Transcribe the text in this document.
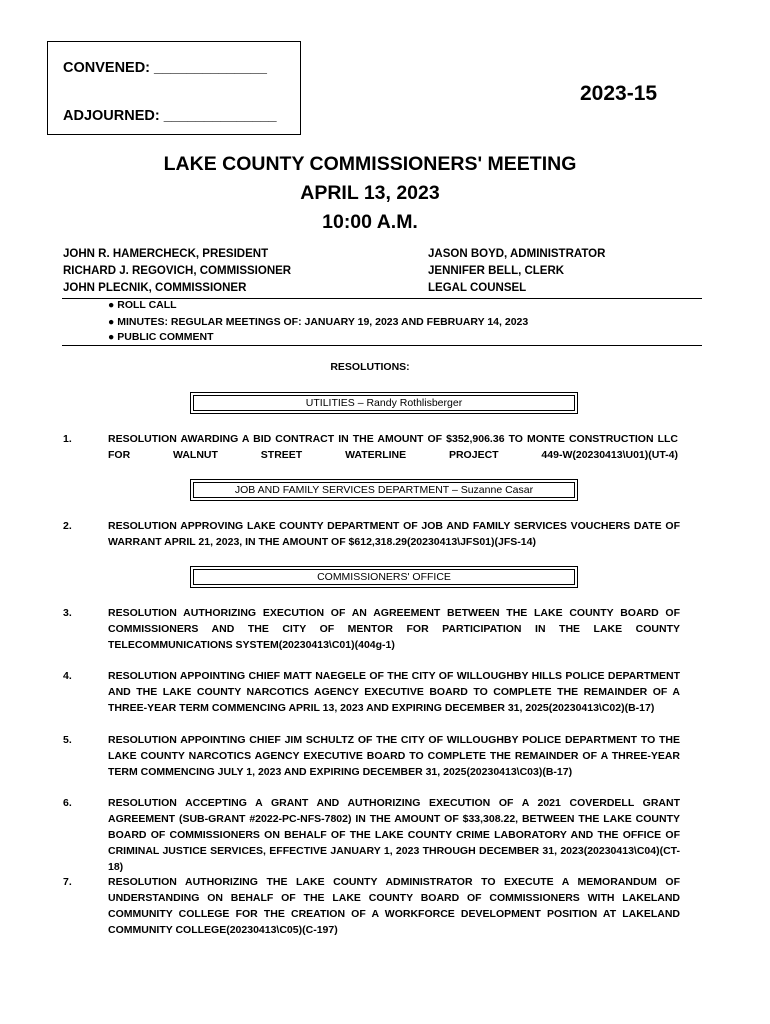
CONVENED: ______________
ADJOURNED: ______________
2023-15
LAKE COUNTY COMMISSIONERS' MEETING
APRIL 13, 2023
10:00 A.M.
JOHN R. HAMERCHECK, PRESIDENT
RICHARD J. REGOVICH, COMMISSIONER
JOHN PLECNIK, COMMISSIONER
JASON BOYD, ADMINISTRATOR
JENNIFER BELL, CLERK
LEGAL COUNSEL
● ROLL CALL
● MINUTES: REGULAR MEETINGS OF: JANUARY 19, 2023 AND FEBRUARY 14, 2023
● PUBLIC COMMENT
RESOLUTIONS:
UTILITIES – Randy Rothlisberger
1.	RESOLUTION AWARDING A BID CONTRACT IN THE AMOUNT OF $352,906.36 TO MONTE CONSTRUCTION LLC FOR WALNUT STREET WATERLINE PROJECT 449-W(20230413\U01)(UT-4)
JOB AND FAMILY SERVICES DEPARTMENT – Suzanne Casar
2.	RESOLUTION APPROVING LAKE COUNTY DEPARTMENT OF JOB AND FAMILY SERVICES VOUCHERS DATE OF WARRANT APRIL 21, 2023, IN THE AMOUNT OF $612,318.29(20230413\JFS01)(JFS-14)
COMMISSIONERS' OFFICE
3.	RESOLUTION AUTHORIZING EXECUTION OF AN AGREEMENT BETWEEN THE LAKE COUNTY BOARD OF COMMISSIONERS AND THE CITY OF MENTOR FOR PARTICIPATION IN THE LAKE COUNTY TELECOMMUNICATIONS SYSTEM(20230413\C01)(404g-1)
4.	RESOLUTION APPOINTING CHIEF MATT NAEGELE OF THE CITY OF WILLOUGHBY HILLS POLICE DEPARTMENT AND THE LAKE COUNTY NARCOTICS AGENCY EXECUTIVE BOARD TO COMPLETE THE REMAINDER OF A THREE-YEAR TERM COMMENCING APRIL 13, 2023 AND EXPIRING DECEMBER 31, 2025(20230413\C02)(B-17)
5.	RESOLUTION APPOINTING CHIEF JIM SCHULTZ OF THE CITY OF WILLOUGHBY POLICE DEPARTMENT TO THE LAKE COUNTY NARCOTICS AGENCY EXECUTIVE BOARD TO COMPLETE THE REMAINDER OF A THREE-YEAR TERM COMMENCING JULY 1, 2023 AND EXPIRING DECEMBER 31, 2025(20230413\C03)(B-17)
6.	RESOLUTION ACCEPTING A GRANT AND AUTHORIZING EXECUTION OF A 2021 COVERDELL GRANT AGREEMENT (SUB-GRANT #2022-PC-NFS-7802) IN THE AMOUNT OF $33,308.22, BETWEEN THE LAKE COUNTY BOARD OF COMMISSIONERS ON BEHALF OF THE LAKE COUNTY CRIME LABORATORY AND THE OFFICE OF CRIMINAL JUSTICE SERVICES, EFFECTIVE JANUARY 1, 2023 THROUGH DECEMBER 31, 2023(20230413\C04)(CT-18)
7.	RESOLUTION AUTHORIZING THE LAKE COUNTY ADMINISTRATOR TO EXECUTE A MEMORANDUM OF UNDERSTANDING ON BEHALF OF THE LAKE COUNTY BOARD OF COMMISSIONERS WITH LAKELAND COMMUNITY COLLEGE FOR THE CREATION OF A WORKFORCE DEVELOPMENT POSITION AT LAKELAND COMMUNITY COLLEGE(20230413\C05)(C-197)
